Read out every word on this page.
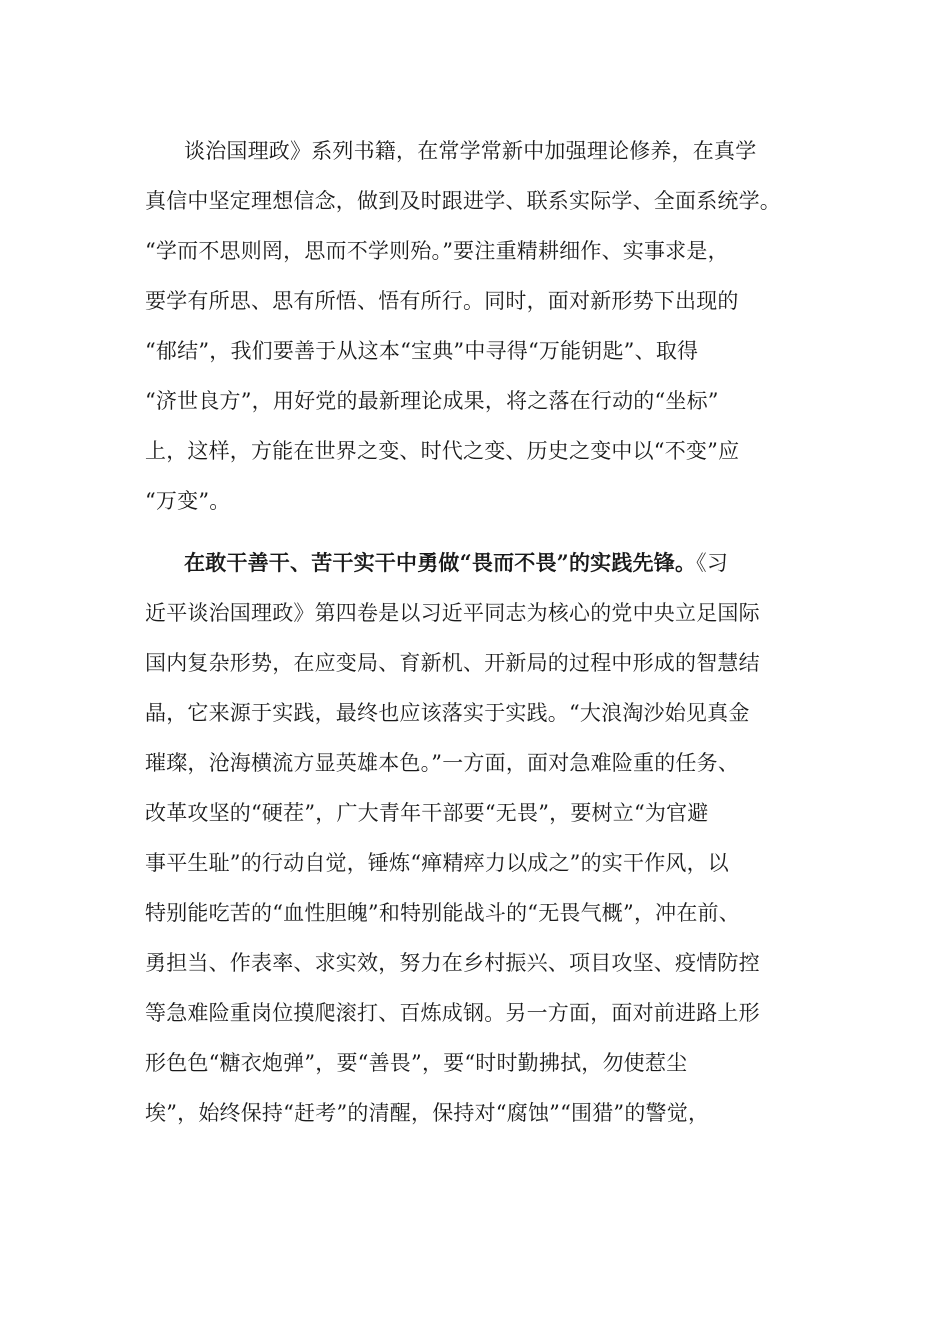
谈治国理政》系列书籍，在常学常新中加强理论修养，在真学
真信中坚定理想信念，做到及时跟进学、联系实际学、全面系统学。
“学而不思则罔，思而不学则殆。”要注重精耕细作、实事求是，
要学有所思、思有所悟、悟有所行。同时，面对新形势下出现的
“郁结”，我们要善于从这本“宝典”中寻得“万能钥匙”、取得
“济世良方”，用好党的最新理论成果，将之落在行动的“坐标”
上，这样，方能在世界之变、时代之变、历史之变中以“不变”应
“万变”。
在敢干善干、苦干实干中勇做“畏而不畏”的实践先锋。《习
近平谈治国理政》第四卷是以习近平同志为核心的党中央立足国际
国内复杂形势，在应变局、育新机、开新局的过程中形成的智慧结
晶，它来源于实践，最终也应该落实于实践。“大浪淘沙始见真金
璀璨，沧海横流方显英雄本色。”一方面，面对急难险重的任务、
改革攻坚的“硬茬”，广大青年干部要“无畏”，要树立“为官避
事平生耻”的行动自觉，锤炼“瘅精瘁力以成之”的实干作风，以
特别能吃苦的“血性胆魄”和特别能战斗的“无畏气概”，冲在前、
勇担当、作表率、求实效，努力在乡村振兴、项目攻坚、疫情防控
等急难险重岗位摸爬滚打、百炼成钢。另一方面，面对前进路上形
形色色“糖衣炮弹”，要“善畏”，要“时时勤拂拭，勿使惹尘
埃”，始终保持“赶考”的清醒，保持对“腐蚀”“围猎”的警觉，
